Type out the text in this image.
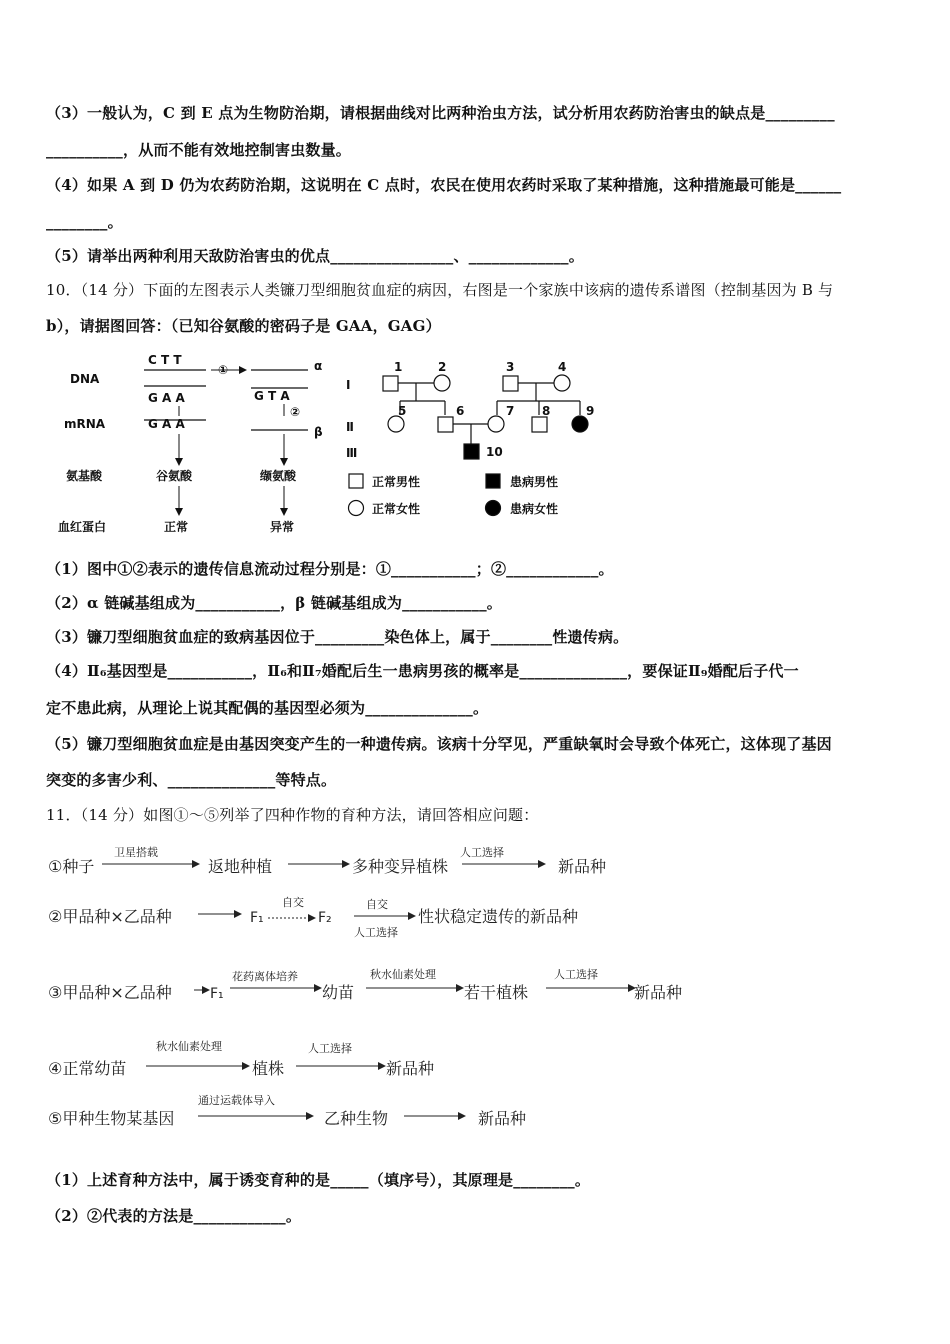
（3）一般认为，C 到 E 点为生物防治期，请根据曲线对比两种治虫方法，试分析用农药防治害虫的缺点是_________
__________，从而不能有效地控制害虫数量。
（4）如果 A 到 D 仍为农药防治期，这说明在 C 点时，农民在使用农药时采取了某种措施，这种措施最可能是______
________。
（5）请举出两种利用天敌防治害虫的优点________________、_____________。
10．（14 分）下面的左图表示人类镰刀型细胞贫血症的病因，右图是一个家族中该病的遗传系谱图（控制基因为 B 与
b），请据图回答：（已知谷氨酸的密码子是 GAA，GAG）
DNA
mRNA
氨基酸
血红蛋白
C T T
G A A
G A A
谷氨酸
正常
①	α
G T A
②
β
缬氨酸
异常
Ⅰ
Ⅱ
Ⅲ
1	2	3	4
5	6	7 8	9
10
正常男性	患病男性
正常女性	患病女性
（1）图中①②表示的遗传信息流动过程分别是：①___________；②____________。
（2）α 链碱基组成为___________，β 链碱基组成为___________。
（3）镰刀型细胞贫血症的致病基因位于_________染色体上，属于________性遗传病。
（4）Ⅱ₆基因型是___________，Ⅱ₆和Ⅱ₇婚配后生一患病男孩的概率是______________，要保证Ⅱ₉婚配后子代一
定不患此病，从理论上说其配偶的基因型必须为______________。
（5）镰刀型细胞贫血症是由基因突变产生的一种遗传病。该病十分罕见，严重缺氧时会导致个体死亡，这体现了基因
突变的多害少利、______________等特点。
11．（14 分）如图①～⑤列举了四种作物的育种方法，请回答相应问题：
①种子
卫星搭载
返地种植	多种变异植株
人工选择
新品种
②甲品种×乙品种	F₁
自交
F₂
自交
人工选择
性状稳定遗传的新品种
③甲品种×乙品种	F₁
花药离体培养
幼苗
秋水仙素处理
若干植株
人工选择
新品种
④正常幼苗
秋水仙素处理
植株
人工选择
新品种
⑤甲种生物某基因
通过运载体导入
乙种生物	新品种
（1）上述育种方法中，属于诱变育种的是_____（填序号），其原理是________。
（2）②代表的方法是____________。
